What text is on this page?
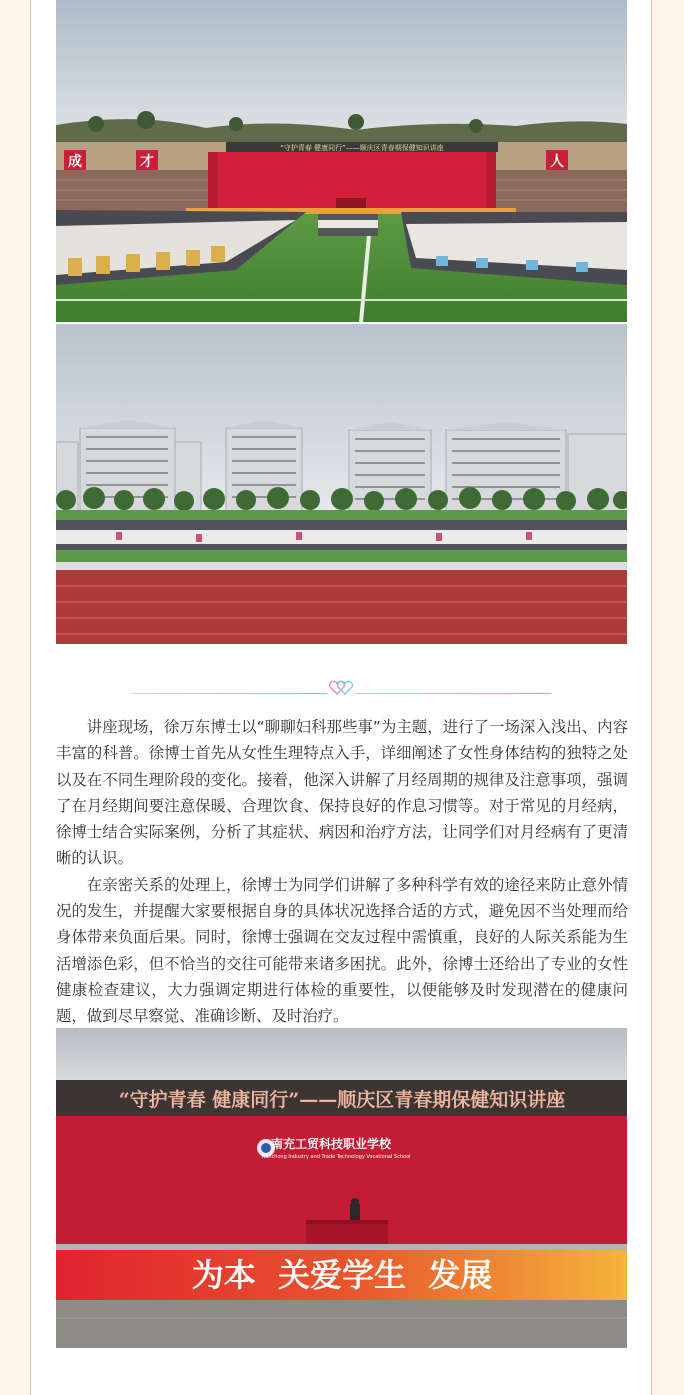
成	才	人
“守护青春 健康同行”——顺庆区青春期保健知识讲座

讲座现场，徐万东博士以“聊聊妇科那些事”为主题，进行了一场深入浅出、内容丰富的科普。徐博士首先从女性生理特点入手，详细阐述了女性身体结构的独特之处以及在不同生理阶段的变化。接着，他深入讲解了月经周期的规律及注意事项，强调了在月经期间要注意保暖、合理饮食、保持良好的作息习惯等。对于常见的月经病，徐博士结合实际案例，分析了其症状、病因和治疗方法，让同学们对月经病有了更清晰的认识。

在亲密关系的处理上，徐博士为同学们讲解了多种科学有效的途径来防止意外情况的发生，并提醒大家要根据自身的具体状况选择合适的方式，避免因不当处理而给身体带来负面后果。同时，徐博士强调在交友过程中需慎重，良好的人际关系能为生活增添色彩，但不恰当的交往可能带来诸多困扰。此外，徐博士还给出了专业的女性健康检查建议，大力强调定期进行体检的重要性，以便能够及时发现潜在的健康问题，做到尽早察觉、准确诊断、及时治疗。

“守护青春 健康同行”——顺庆区青春期保健知识讲座
南充工贸科技职业学校
Nanchong Industry and Trade Technology Vocational School
为本  关爱学生  发展
